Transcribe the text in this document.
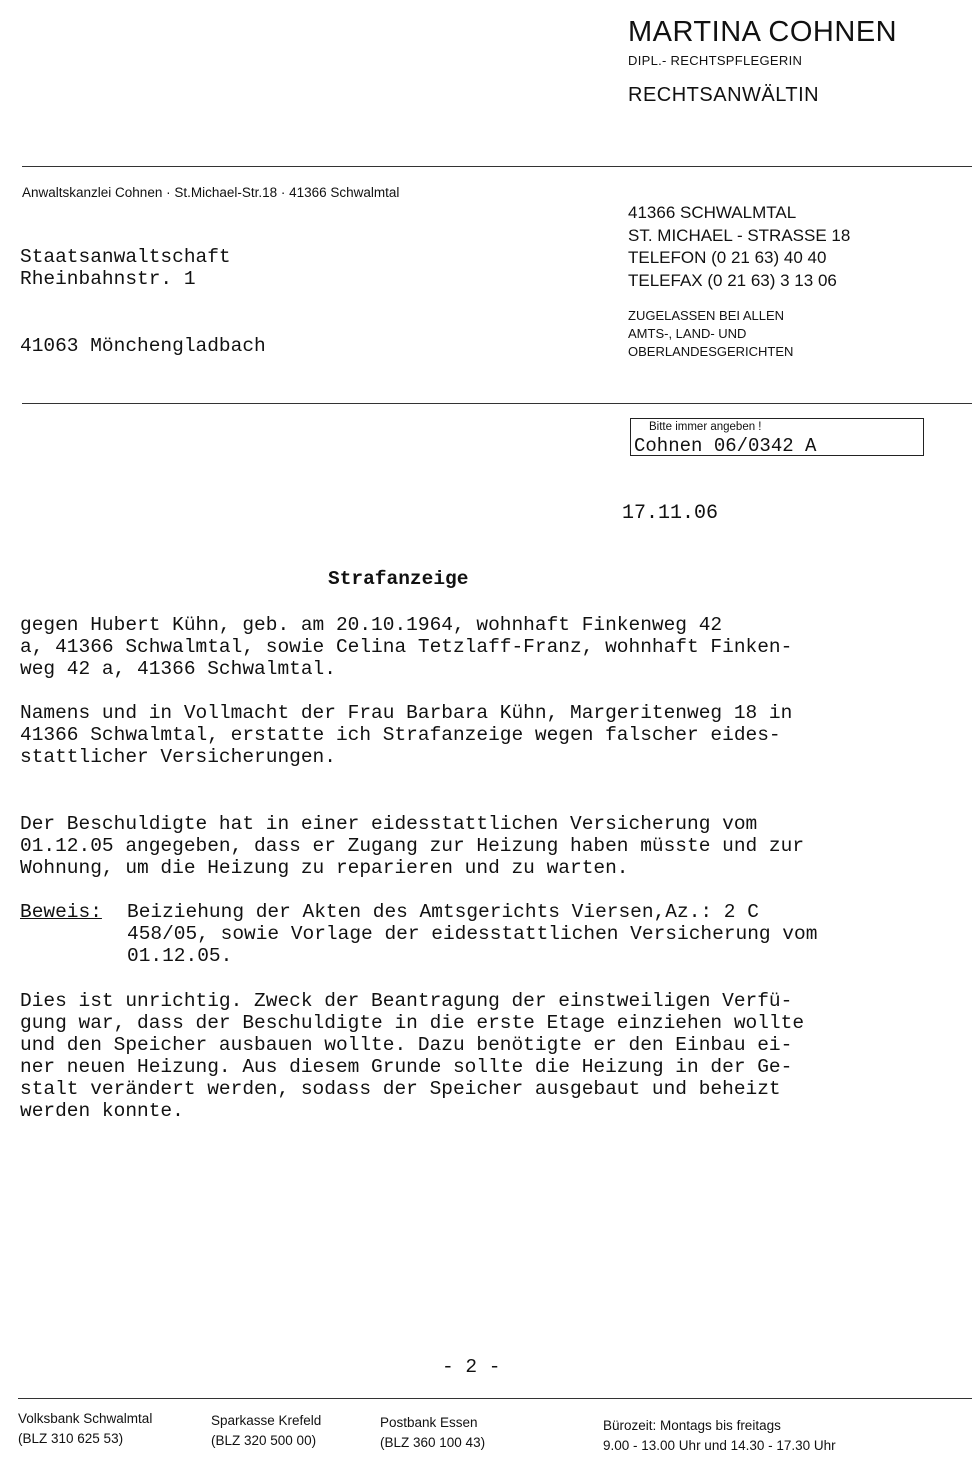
MARTINA COHNEN
DIPL.- RECHTSPFLEGERIN
RECHTSANWÄLTIN
Anwaltskanzlei Cohnen · St.Michael-Str.18 · 41366 Schwalmtal
41366 SCHWALMTAL
ST. MICHAEL - STRASSE 18
TELEFON (0 21 63) 40 40
TELEFAX (0 21 63) 3 13 06
ZUGELASSEN BEI ALLEN
AMTS-, LAND- UND
OBERLANDESGERICHTEN
Staatsanwaltschaft
Rheinbahnstr. 1
41063 Mönchengladbach
Bitte immer angeben !
Cohnen 06/0342 A
17.11.06
Strafanzeige
gegen Hubert Kühn, geb. am 20.10.1964, wohnhaft Finkenweg 42
a, 41366 Schwalmtal, sowie Celina Tetzlaff-Franz, wohnhaft Finken-
weg 42 a, 41366 Schwalmtal.
Namens und in Vollmacht der Frau Barbara Kühn, Margeritenweg 18 in
41366 Schwalmtal, erstatte ich Strafanzeige wegen falscher eides-
stattlicher Versicherungen.
Der Beschuldigte hat in einer eidesstattlichen Versicherung vom
01.12.05 angegeben, dass er Zugang zur Heizung haben müsste und zur
Wohnung, um die Heizung zu reparieren und zu warten.
Beweis: Beiziehung der Akten des Amtsgerichts Viersen,Az.: 2 C
458/05, sowie Vorlage der eidesstattlichen Versicherung vom
01.12.05.
Dies ist unrichtig. Zweck der Beantragung der einstweiligen Verfü-
gung war, dass der Beschuldigte in die erste Etage einziehen wollte
und den Speicher ausbauen wollte. Dazu benötigte er den Einbau ei-
ner neuen Heizung. Aus diesem Grunde sollte die Heizung in der Ge-
stalt verändert werden, sodass der Speicher ausgebaut und beheizt
werden konnte.
- 2 -
Volksbank Schwalmtal
(BLZ 310 625 53)
Sparkasse Krefeld
(BLZ 320 500 00)
Postbank Essen
(BLZ 360 100 43)
Bürozeit: Montags bis freitags
9.00 - 13.00 Uhr und 14.30 - 17.30 Uhr
